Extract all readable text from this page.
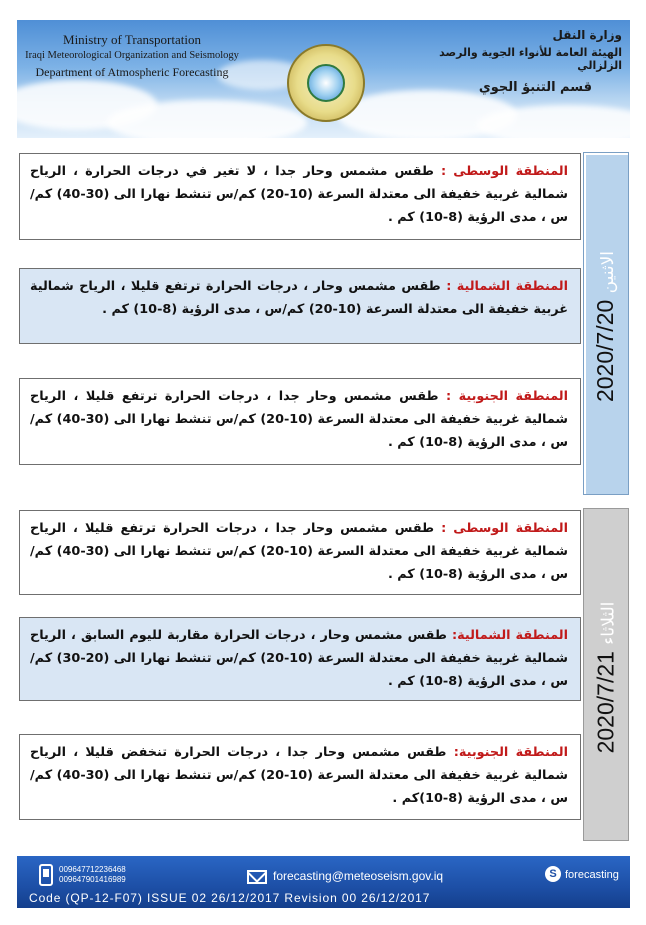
Ministry of Transportation
Iraqi Meteorological Organization and Seismology
Department of Atmospheric Forecasting
وزارة النقل
الهيئة العامة للأنواء الجوية والرصد الزلزالي
قسم التنبؤ الجوي
2020/7/20 الاثنين
المنطقة الوسطى : طقس مشمس وحار جدا ، لا تغير في درجات الحرارة ، الرياح شمالية غربية خفيفة الى معتدلة السرعة (10-20) كم/س تنشط نهارا الى (30-40) كم/س ، مدى الرؤية (8-10) كم .
المنطقة الشمالية : طقس مشمس وحار ، درجات الحرارة ترتفع قليلا ، الرياح شمالية غربية خفيفة الى معتدلة السرعة (10-20) كم/س ، مدى الرؤية (8-10) كم .
المنطقة الجنوبية : طقس مشمس وحار جدا ، درجات الحرارة ترتفع قليلا ، الرياح شمالية غربية خفيفة الى معتدلة السرعة (10-20) كم/س تنشط نهارا الى (30-40) كم/س ، مدى الرؤية (8-10) كم .
2020/7/21 الثلاثاء
المنطقة الوسطى : طقس مشمس وحار جدا ، درجات الحرارة ترتفع قليلا ، الرياح شمالية غربية خفيفة الى معتدلة السرعة (10-20) كم/س تنشط نهارا الى (30-40) كم/س ، مدى الرؤية (8-10) كم .
المنطقة الشمالية: طقس مشمس وحار ، درجات الحرارة مقاربة لليوم السابق ، الرياح شمالية غربية خفيفة الى معتدلة السرعة (10-20) كم/س تنشط نهارا الى (20-30) كم/س ، مدى الرؤية (8-10) كم .
المنطقة الجنوبية: طقس مشمس وحار جدا ، درجات الحرارة تنخفض قليلا ، الرياح شمالية غربية خفيفة الى معتدلة السرعة (10-20) كم/س تنشط نهارا الى (30-40) كم/س ، مدى الرؤية (8-10)كم .
009647712236468
009647901416989	forecasting@meteoseism.gov.iq	S forecasting
Code (QP-12-F07) ISSUE 02 26/12/2017 Revision 00 26/12/2017
